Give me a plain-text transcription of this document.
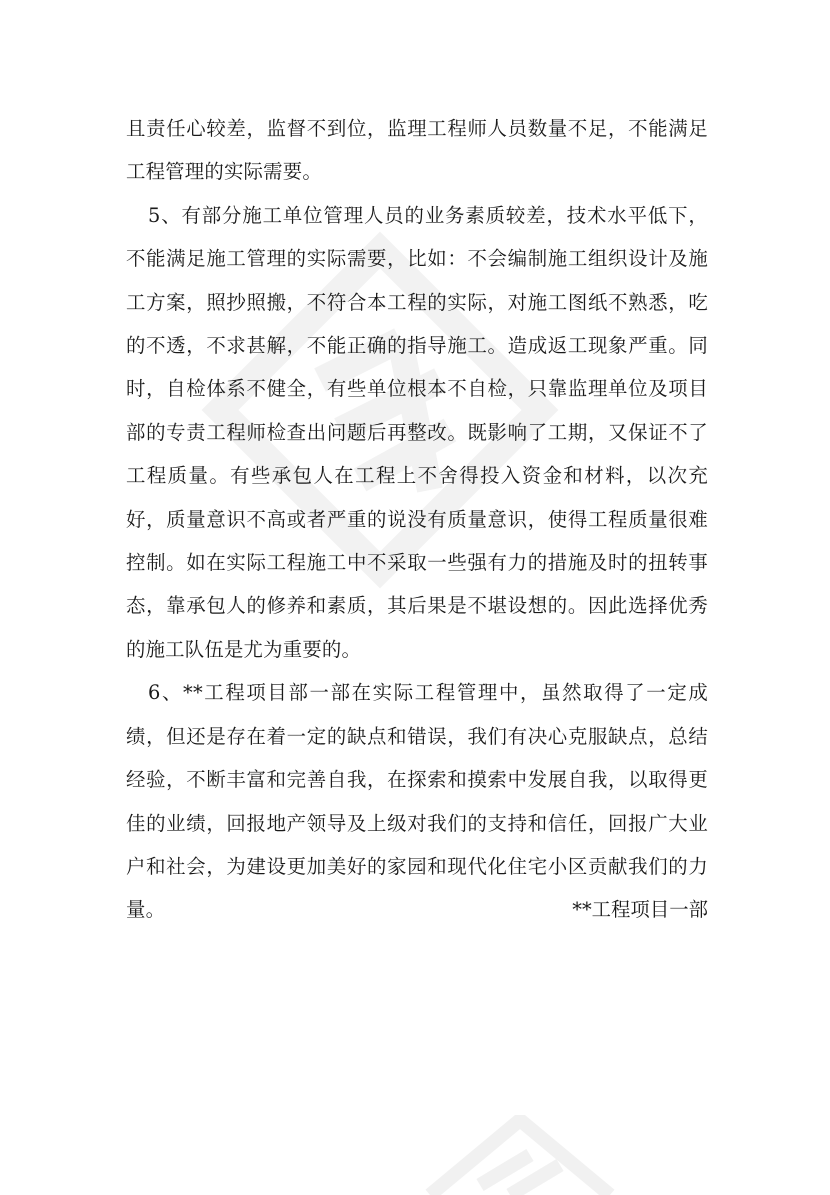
且责任心较差，监督不到位，监理工程师人员数量不足，不能满足工程管理的实际需要。

5、有部分施工单位管理人员的业务素质较差，技术水平低下，不能满足施工管理的实际需要，比如：不会编制施工组织设计及施工方案，照抄照搬，不符合本工程的实际，对施工图纸不熟悉，吃的不透，不求甚解，不能正确的指导施工。造成返工现象严重。同时，自检体系不健全，有些单位根本不自检，只靠监理单位及项目部的专责工程师检查出问题后再整改。既影响了工期，又保证不了工程质量。有些承包人在工程上不舍得投入资金和材料，以次充好，质量意识不高或者严重的说没有质量意识，使得工程质量很难控制。如在实际工程施工中不采取一些强有力的措施及时的扭转事态，靠承包人的修养和素质，其后果是不堪设想的。因此选择优秀的施工队伍是尤为重要的。

6、**工程项目部一部在实际工程管理中，虽然取得了一定成绩，但还是存在着一定的缺点和错误，我们有决心克服缺点，总结经验，不断丰富和完善自我，在探索和摸索中发展自我，以取得更佳的业绩，回报地产领导及上级对我们的支持和信任，回报广大业户和社会，为建设更加美好的家园和现代化住宅小区贡献我们的力量。	**工程项目一部
